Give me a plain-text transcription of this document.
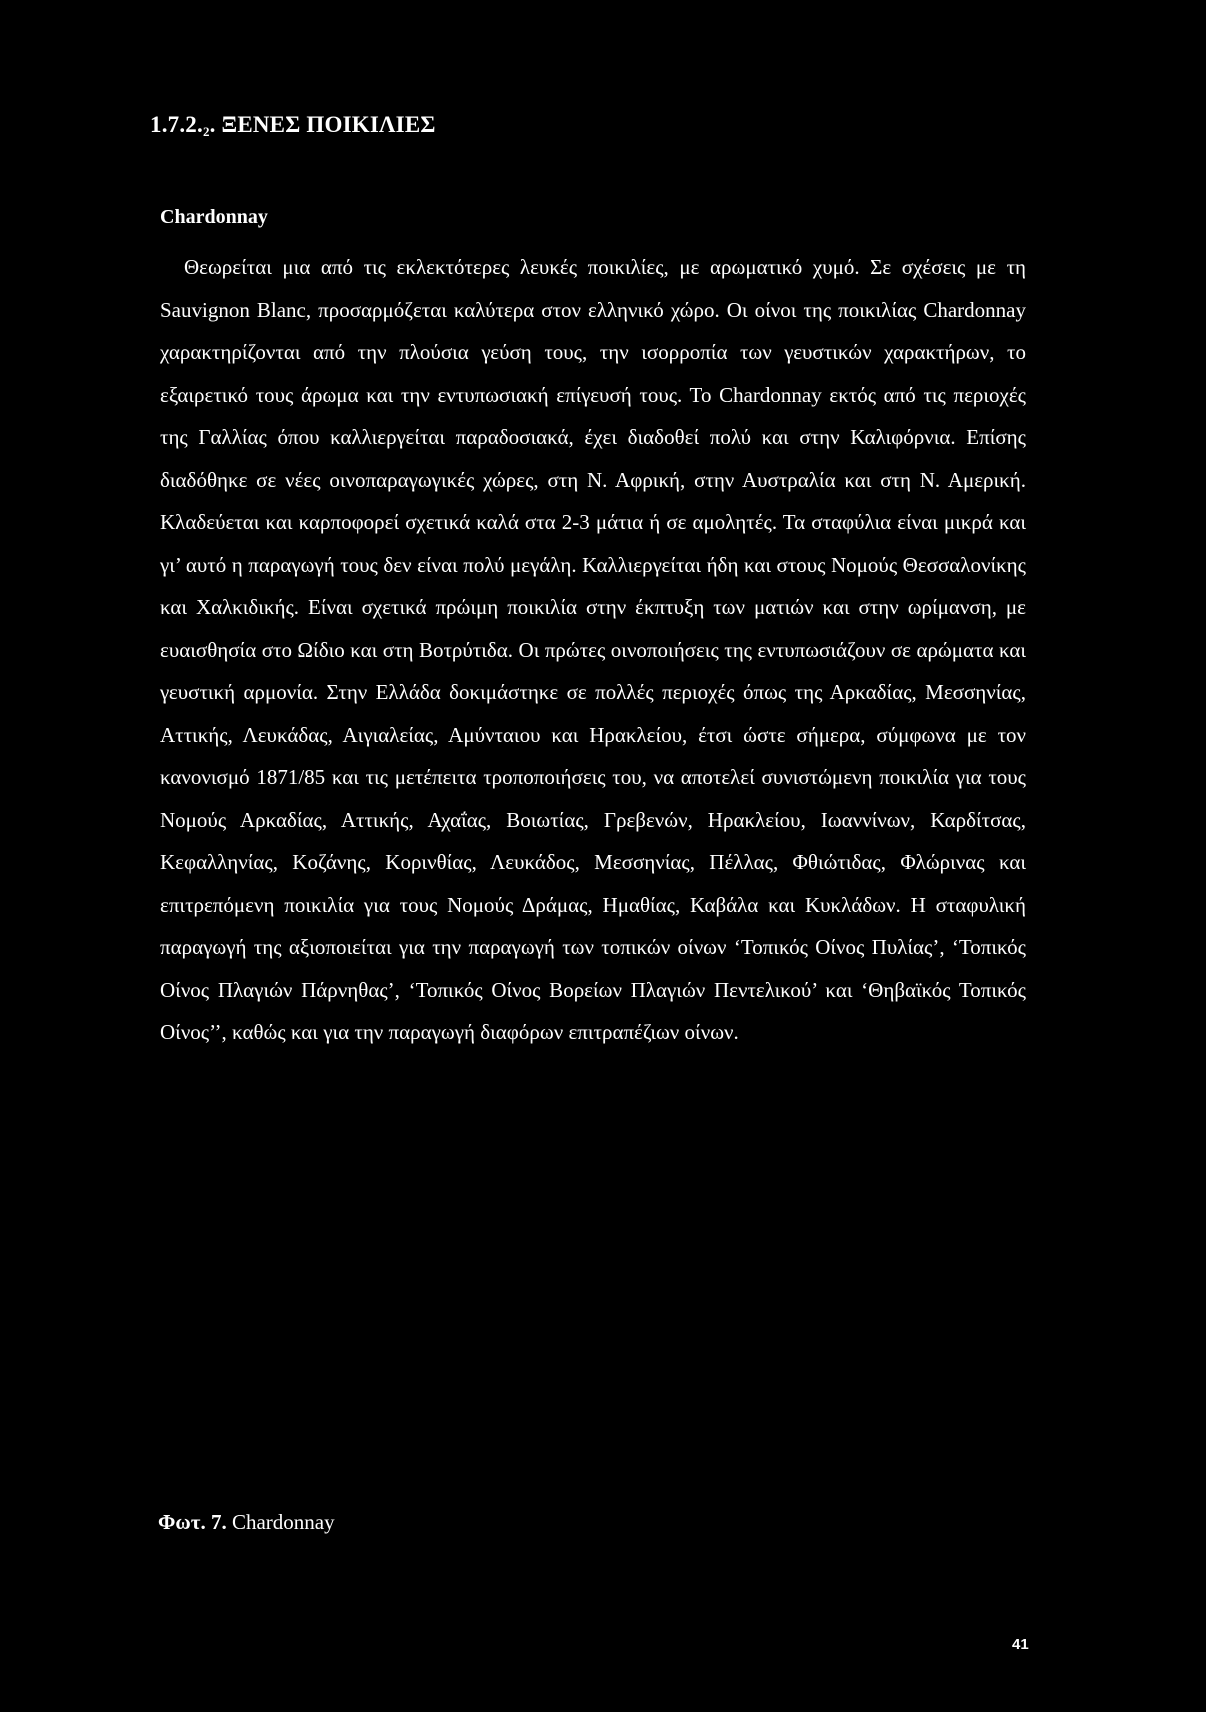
$1.7.2._2$. ΞΕΝΕΣ ΠΟΙΚΙΛΙΕΣ
Chardonnay

Θεωρείται μια από τις εκλεκτότερες λευκές ποικιλίες, με αρωματικό χυμό. Σε σχέσεις με τη Sauvignon Blanc, προσαρμόζεται καλύτερα στον ελληνικό χώρο. Οι οίνοι της ποικιλίας Chardonnay χαρακτηρίζονται από την πλούσια γεύση τους, την ισορροπία των γευστικών χαρακτήρων, το εξαιρετικό τους άρωμα και την εντυπωσιακή επίγευσή τους. Το Chardonnay εκτός από τις περιοχές της Γαλλίας όπου καλλιεργείται παραδοσιακά, έχει διαδοθεί πολύ και στην Καλιφόρνια. Επίσης διαδόθηκε σε νέες οινοπαραγωγικές χώρες, στη Ν. Αφρική, στην Αυστραλία και στη Ν. Αμερική. Κλαδεύεται και καρποφορεί σχετικά καλά στα 2-3 μάτια ή σε αμολητές. Τα σταφύλια είναι μικρά και γι’ αυτό η παραγωγή τους δεν είναι πολύ μεγάλη. Καλλιεργείται ήδη και στους Νομούς Θεσσαλονίκης και Χαλκιδικής. Είναι σχετικά πρώιμη ποικιλία στην έκπτυξη των ματιών και στην ωρίμανση, με ευαισθησία στο Ωίδιο και στη Βοτρύτιδα. Οι πρώτες οινοποιήσεις της εντυπωσιάζουν σε αρώματα και γευστική αρμονία. Στην Ελλάδα δοκιμάστηκε σε πολλές περιοχές όπως της Αρκαδίας, Μεσσηνίας, Αττικής, Λευκάδας, Αιγιαλείας, Αμύνταιου και Ηρακλείου, έτσι ώστε σήμερα, σύμφωνα με τον κανονισμό 1871/85 και τις μετέπειτα τροποποιήσεις του, να αποτελεί συνιστώμενη ποικιλία για τους Νομούς Αρκαδίας, Αττικής, Αχαΐας, Βοιωτίας, Γρεβενών, Ηρακλείου, Ιωαννίνων, Καρδίτσας, Κεφαλληνίας, Κοζάνης, Κορινθίας, Λευκάδος, Μεσσηνίας, Πέλλας, Φθιώτιδας, Φλώρινας και επιτρεπόμενη ποικιλία για τους Νομούς Δράμας, Ημαθίας, Καβάλα και Κυκλάδων. Η σταφυλική παραγωγή της αξιοποιείται για την παραγωγή των τοπικών οίνων ‘Τοπικός Οίνος Πυλίας’, ‘Τοπικός Οίνος Πλαγιών Πάρνηθας’, ‘Τοπικός Οίνος Βορείων Πλαγιών Πεντελικού’ και ‘Θηβαϊκός Τοπικός Οίνος’’, καθώς και για την παραγωγή διαφόρων επιτραπέζιων οίνων.

Φωτ. 7. Chardonnay

41
